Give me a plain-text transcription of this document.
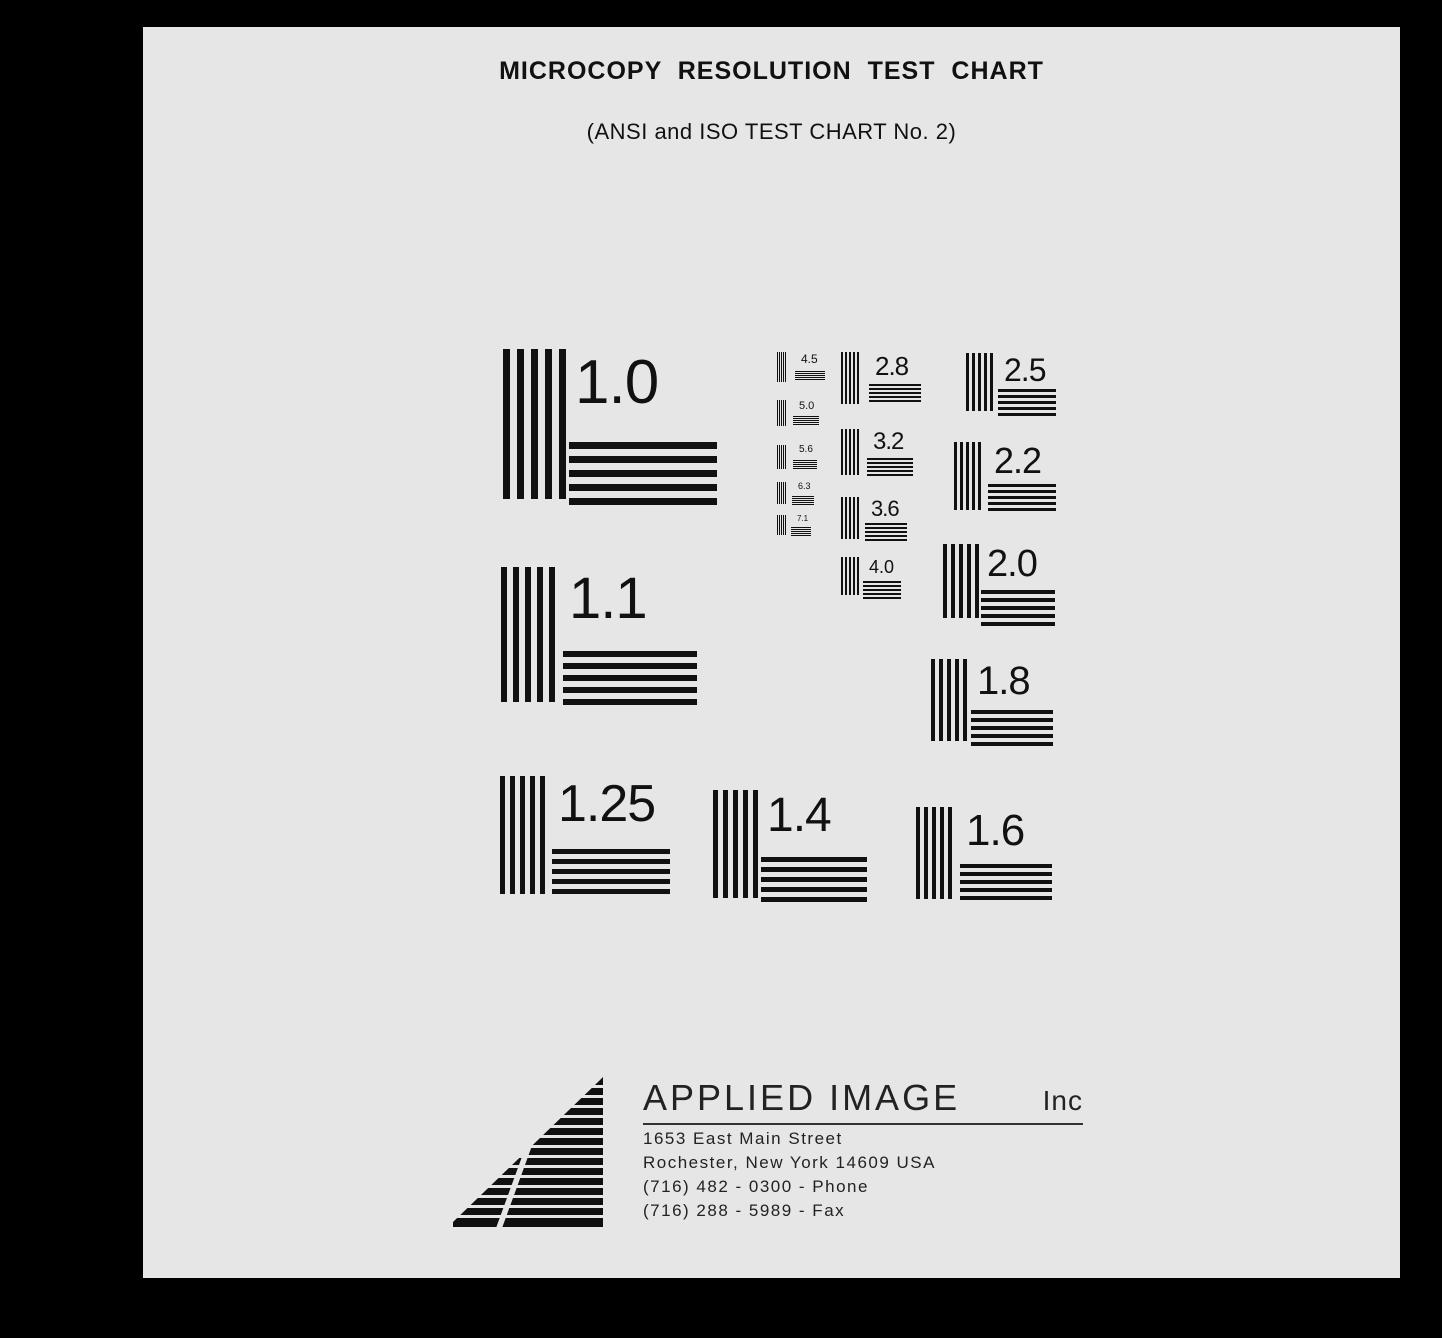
MICROCOPY RESOLUTION TEST CHART
(ANSI and ISO TEST CHART No. 2)
1.0
1.1
1.25 1.4	1.6
1.8
2.0
2.2
2.5
2.8
3.2
3.6
4.0
4.5
5.0
5.6
6.3
7.1
APPLIED IMAGE	Inc
1653 East Main Street
Rochester, New York 14609 USA
(716) 482 - 0300 - Phone
(716) 288 - 5989 - Fax
